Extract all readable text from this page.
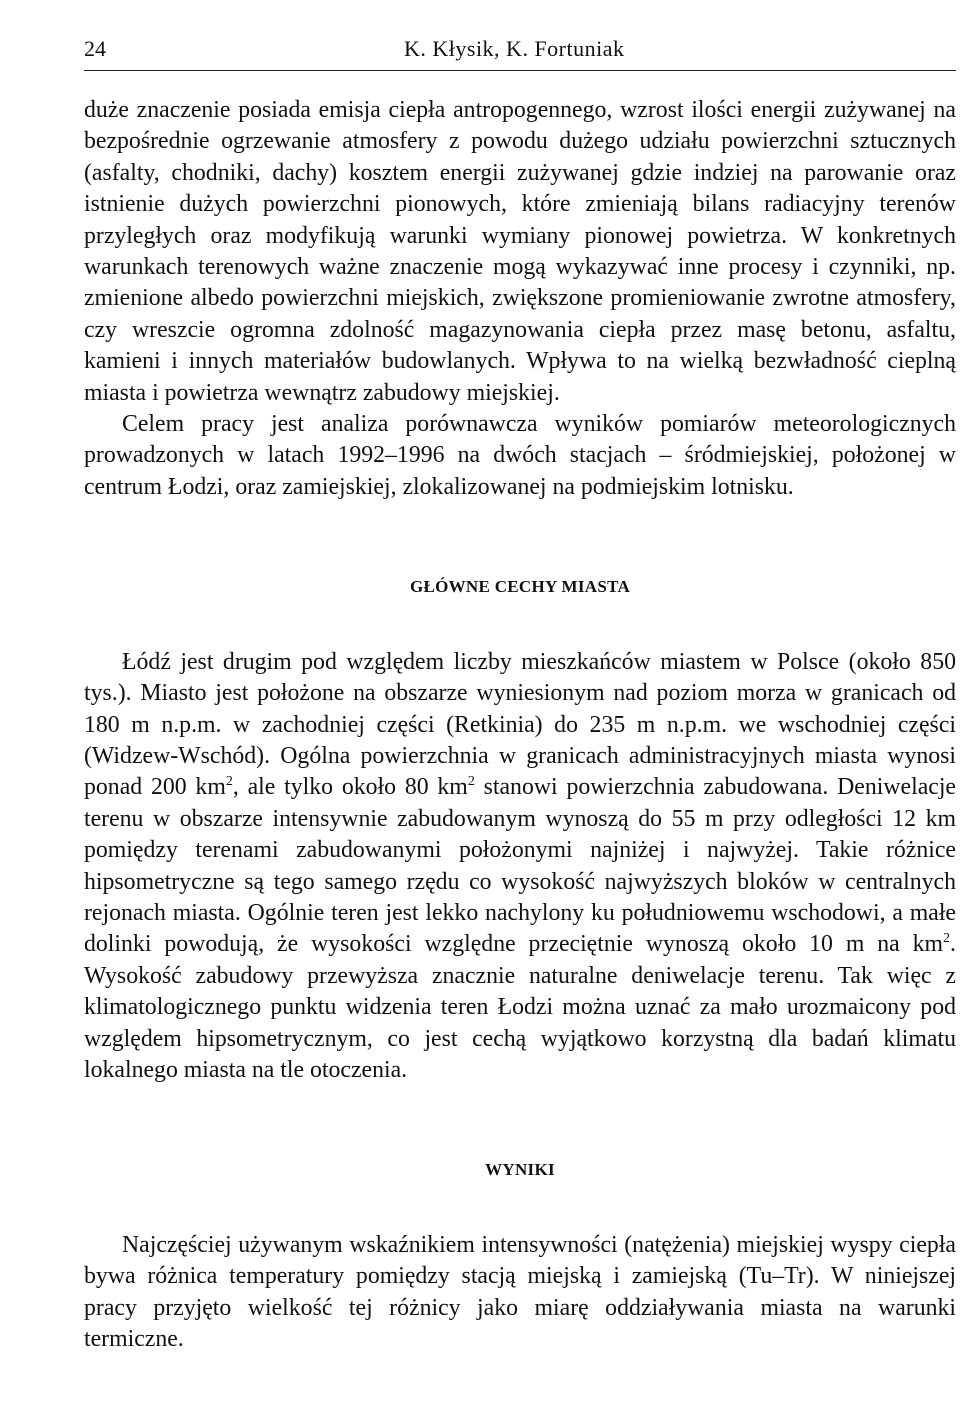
24	K. Kłysik, K. Fortuniak

duże znaczenie posiada emisja ciepła antropogennego, wzrost ilości energii zużywanej na bezpośrednie ogrzewanie atmosfery z powodu dużego udziału powierzchni sztucznych (asfalty, chodniki, dachy) kosztem energii zużywanej gdzie indziej na parowanie oraz istnienie dużych powierzchni pionowych, które zmieniają bilans radiacyjny terenów przyległych oraz modyfikują warunki wymiany pionowej powietrza. W konkretnych warunkach terenowych ważne znaczenie mogą wykazywać inne procesy i czynniki, np. zmienione albedo powierzchni miejskich, zwiększone promieniowanie zwrotne atmosfery, czy wreszcie ogromna zdolność magazynowania ciepła przez masę betonu, asfaltu, kamieni i innych materiałów budowlanych. Wpływa to na wielką bezwładność cieplną miasta i powietrza wewnątrz zabudowy miejskiej.

Celem pracy jest analiza porównawcza wyników pomiarów meteorologicznych prowadzonych w latach 1992–1996 na dwóch stacjach – śródmiejskiej, położonej w centrum Łodzi, oraz zamiejskiej, zlokalizowanej na podmiejskim lotnisku.

GŁÓWNE CECHY MIASTA

Łódź jest drugim pod względem liczby mieszkańców miastem w Polsce (około 850 tys.). Miasto jest położone na obszarze wyniesionym nad poziom morza w granicach od 180 m n.p.m. w zachodniej części (Retkinia) do 235 m n.p.m. we wschodniej części (Widzew-Wschód). Ogólna powierzchnia w granicach administracyjnych miasta wynosi ponad 200 $km^2$, ale tylko około 80 $km^2$ stanowi powierzchnia zabudowana. Deniwelacje terenu w obszarze intensywnie zabudowanym wynoszą do 55 m przy odległości 12 km pomiędzy terenami zabudowanymi położonymi najniżej i najwyżej. Takie różnice hipsometryczne są tego samego rzędu co wysokość najwyższych bloków w centralnych rejonach miasta. Ogólnie teren jest lekko nachylony ku południowemu wschodowi, a małe dolinki powodują, że wysokości względne przeciętnie wynoszą około 10 m na $km^2$. Wysokość zabudowy przewyższa znacznie naturalne deniwelacje terenu. Tak więc z klimatologicznego punktu widzenia teren Łodzi można uznać za mało urozmaicony pod względem hipsometrycznym, co jest cechą wyjątkowo korzystną dla badań klimatu lokalnego miasta na tle otoczenia.

WYNIKI

Najczęściej używanym wskaźnikiem intensywności (natężenia) miejskiej wyspy ciepła bywa różnica temperatury pomiędzy stacją miejską i zamiejską (Tu–Tr). W niniejszej pracy przyjęto wielkość tej różnicy jako miarę oddziaływania miasta na warunki termiczne.
